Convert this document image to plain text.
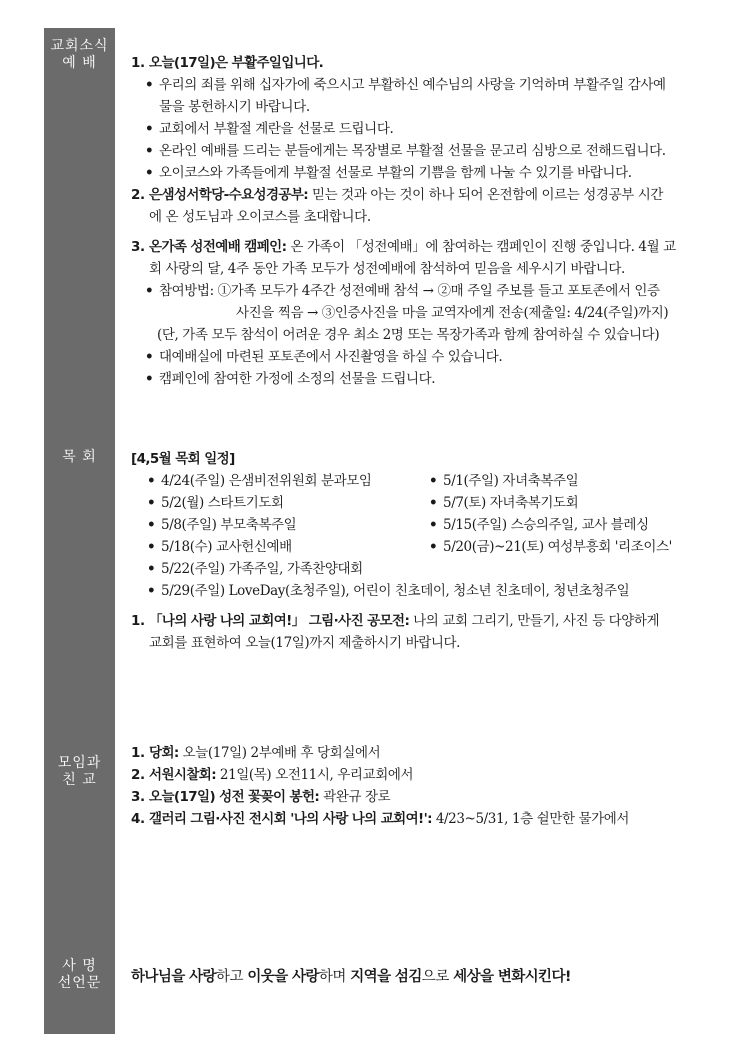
교회소식
예 배
목 회
모임과
친 교
사 명
선언문
1. 오늘(17일)은 부활주일입니다.
• 우리의 죄를 위해 십자가에 죽으시고 부활하신 예수님의 사랑을 기억하며 부활주일 감사예
물을 봉헌하시기 바랍니다.
• 교회에서 부활절 계란을 선물로 드립니다.
• 온라인 예배를 드리는 분들에게는 목장별로 부활절 선물을 문고리 심방으로 전해드립니다.
• 오이코스와 가족들에게 부활절 선물로 부활의 기쁨을 함께 나눌 수 있기를 바랍니다.
2. 은샘성서학당-수요성경공부: 믿는 것과 아는 것이 하나 되어 온전함에 이르는 성경공부 시간
에 온 성도님과 오이코스를 초대합니다.
3. 온가족 성전예배 캠페인: 온 가족이 「성전예배」에 참여하는 캠페인이 진행 중입니다. 4월 교
회 사랑의 달, 4주 동안 가족 모두가 성전예배에 참석하여 믿음을 세우시기 바랍니다.
• 참여방법: ①가족 모두가 4주간 성전예배 참석 → ②매 주일 주보를 들고 포토존에서 인증
사진을 찍음 → ③인증사진을 마을 교역자에게 전송(제출일: 4/24(주일)까지)
(단, 가족 모두 참석이 어려운 경우 최소 2명 또는 목장가족과 함께 참여하실 수 있습니다)
• 대예배실에 마련된 포토존에서 사진촬영을 하실 수 있습니다.
• 캠페인에 참여한 가정에 소정의 선물을 드립니다.
[4,5월 목회 일정]
• 4/24(주일) 은샘비전위원회 분과모임	• 5/1(주일) 자녀축복주일
• 5/2(월) 스타트기도회	• 5/7(토) 자녀축복기도회
• 5/8(주일) 부모축복주일	• 5/15(주일) 스승의주일, 교사 블레싱
• 5/18(수) 교사헌신예배	• 5/20(금)~21(토) 여성부흥회 '리조이스'
• 5/22(주일) 가족주일, 가족찬양대회
• 5/29(주일) LoveDay(초청주일), 어린이 친초데이, 청소년 친초데이, 청년초청주일
1. 「나의 사랑 나의 교회여!」 그림·사진 공모전: 나의 교회 그리기, 만들기, 사진 등 다양하게
교회를 표현하여 오늘(17일)까지 제출하시기 바랍니다.
1. 당회: 오늘(17일) 2부예배 후 당회실에서
2. 서원시찰회: 21일(목) 오전11시, 우리교회에서
3. 오늘(17일) 성전 꽃꽂이 봉헌: 곽완규 장로
4. 갤러리 그림·사진 전시회 '나의 사랑 나의 교회여!': 4/23~5/31, 1층 쉴만한 물가에서
하나님을 사랑하고 이웃을 사랑하며 지역을 섬김으로 세상을 변화시킨다!
